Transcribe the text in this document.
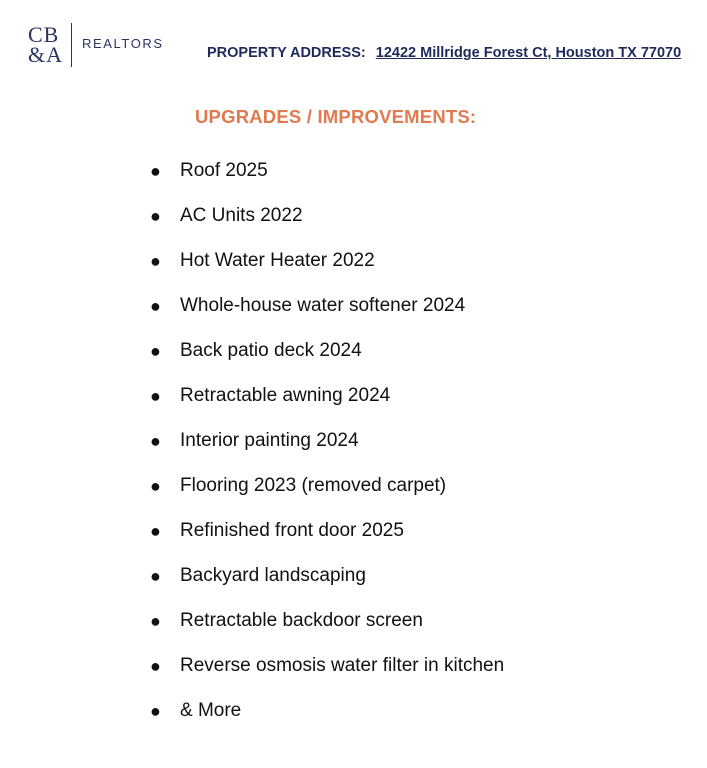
CB
&A REALTORS
PROPERTY ADDRESS: 12422 Millridge Forest Ct, Houston TX 77070
UPGRADES / IMPROVEMENTS:
●	Roof 2025
●	AC Units 2022
●	Hot Water Heater 2022
●	Whole-house water softener 2024
●	Back patio deck 2024
●	Retractable awning 2024
●	Interior painting 2024
●	Flooring 2023 (removed carpet)
●	Refinished front door 2025
●	Backyard landscaping
●	Retractable backdoor screen
●	Reverse osmosis water filter in kitchen
●	& More
